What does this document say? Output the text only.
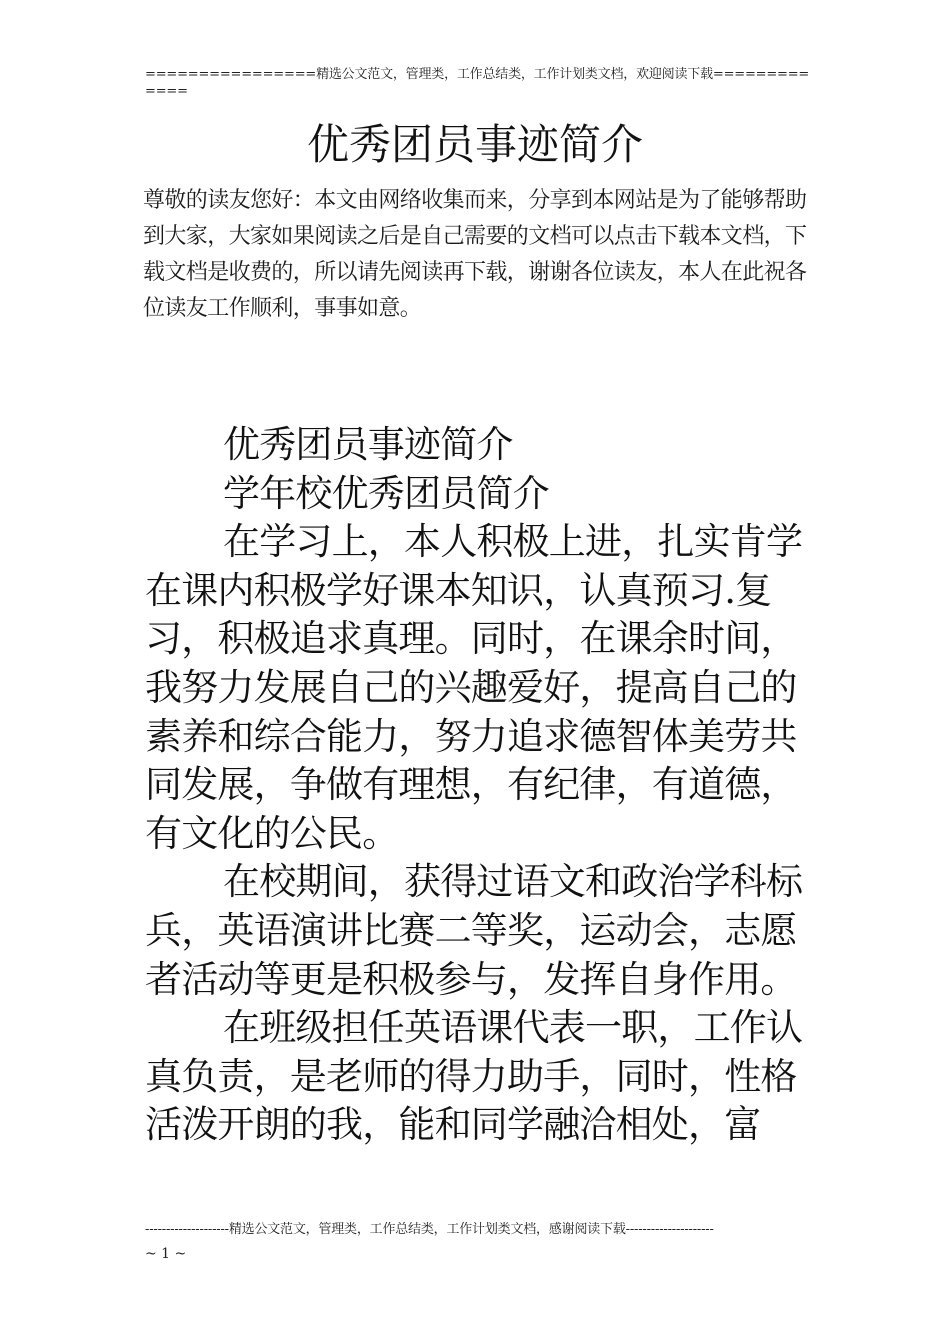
================精选公文范文，管理类，工作总结类，工作计划类文档，欢迎阅读下载=============
优秀团员事迹简介
尊敬的读友您好：本文由网络收集而来，分享到本网站是为了能够帮助到大家，大家如果阅读之后是自己需要的文档可以点击下载本文档，下载文档是收费的，所以请先阅读再下载，谢谢各位读友，本人在此祝各位读友工作顺利，事事如意。

优秀团员事迹简介

学年校优秀团员简介

在学习上，本人积极上进，扎实肯学在课内积极学好课本知识，认真预习.复习，积极追求真理。同时，在课余时间，我努力发展自己的兴趣爱好，提高自己的素养和综合能力，努力追求德智体美劳共同发展，争做有理想，有纪律，有道德，有文化的公民。

在校期间，获得过语文和政治学科标兵，英语演讲比赛二等奖，运动会，志愿者活动等更是积极参与，发挥自身作用。

在班级担任英语课代表一职，工作认真负责，是老师的得力助手，同时，性格活泼开朗的我，能和同学融洽相处，富

--------------------精选公文范文，管理类，工作总结类，工作计划类文档，感谢阅读下载---------------------
~ 1 ~
